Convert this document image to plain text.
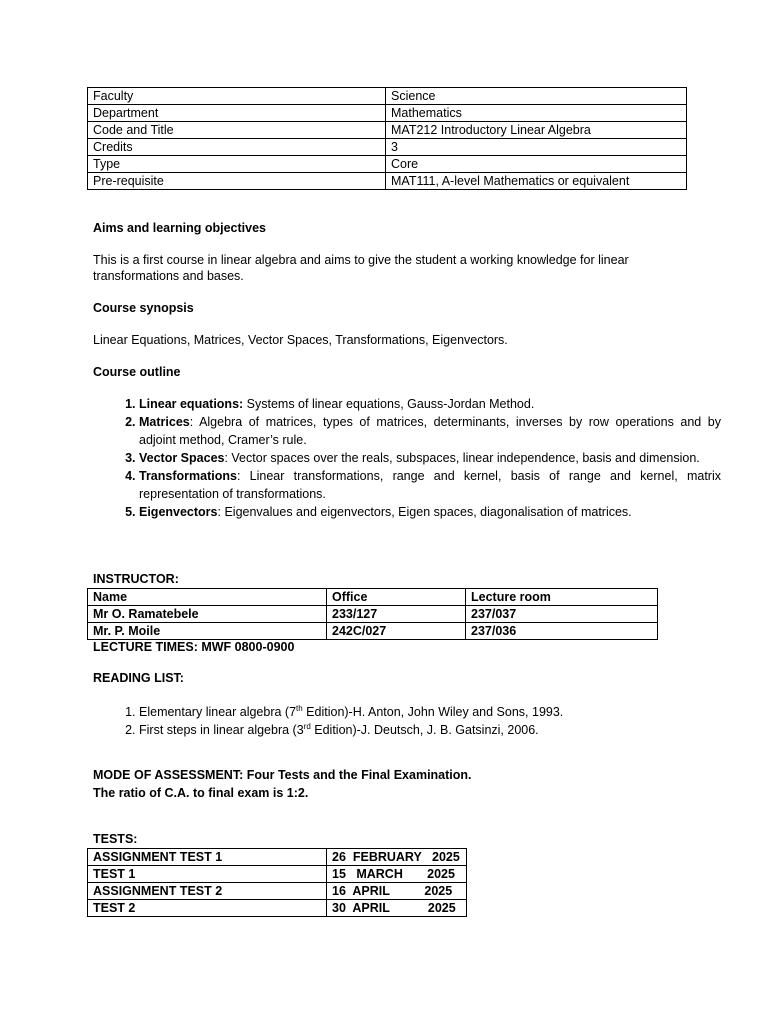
Faculty	Science
Department	Mathematics
Code and Title	MAT212 Introductory Linear Algebra
Credits	3
Type	Core
Pre-requisite	MAT111, A-level Mathematics or equivalent
Aims and learning objectives
This is a first course in linear algebra and aims to give the student a working knowledge for linear transformations and bases.
Course synopsis
Linear Equations, Matrices, Vector Spaces, Transformations, Eigenvectors.
Course outline
1. Linear equations: Systems of linear equations, Gauss-Jordan Method.
2. Matrices: Algebra of matrices, types of matrices, determinants, inverses by row operations and by adjoint method, Cramer’s rule.
3. Vector Spaces: Vector spaces over the reals, subspaces, linear independence, basis and dimension.
4. Transformations: Linear transformations, range and kernel, basis of range and kernel, matrix representation of transformations.
5. Eigenvectors: Eigenvalues and eigenvectors, Eigen spaces, diagonalisation of matrices.
INSTRUCTOR:
Name	Office	Lecture room
Mr O. Ramatebele	233/127	237/037
Mr. P. Moile	242C/027	237/036
LECTURE TIMES: MWF 0800-0900
READING LIST:
1. Elementary linear algebra (7th Edition)-H. Anton, John Wiley and Sons, 1993.
2. First steps in linear algebra (3rd Edition)-J. Deutsch, J. B. Gatsinzi, 2006.
MODE OF ASSESSMENT: Four Tests and the Final Examination.
The ratio of C.A. to final exam is 1:2.
TESTS:
ASSIGNMENT TEST 1	26  FEBRUARY   2025
TEST 1	15   MARCH       2025
ASSIGNMENT TEST 2	16  APRIL          2025
TEST 2	30  APRIL           2025
